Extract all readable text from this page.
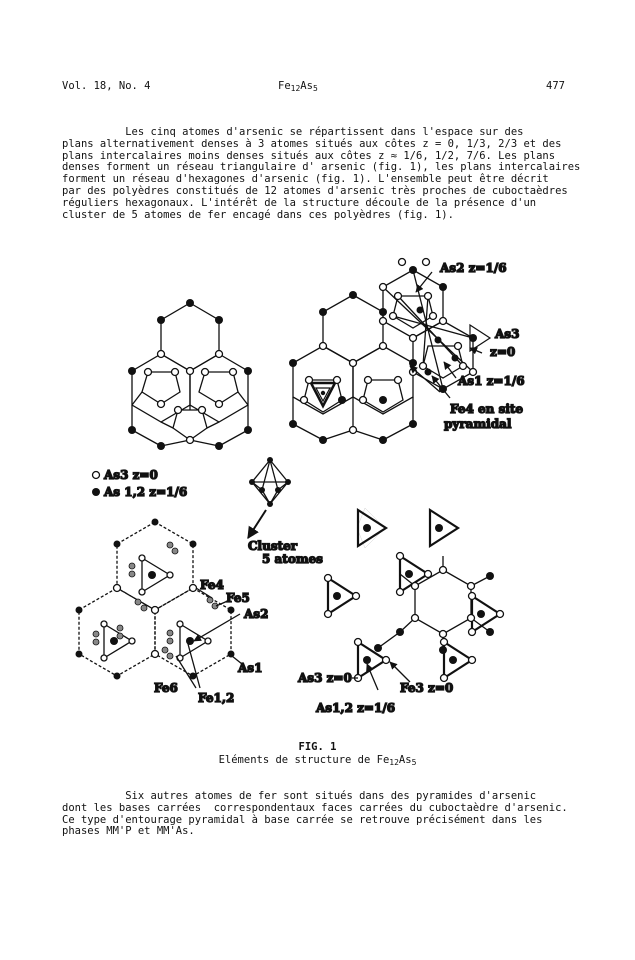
Vol. 18, No. 4	$Fe_{12}As_5$	477
Les cinq atomes d'arsenic se répartissent dans l'espace sur des
plans alternativement denses à 3 atomes situés aux côtes z = 0, 1/3, 2/3 et des
plans intercalaires moins denses situés aux côtes z ≈ 1/6, 1/2, 7/6. Les plans
denses forment un réseau triangulaire d' arsenic (fig. 1), les plans intercalaires
forment un réseau d'hexagones d'arsenic (fig. 1). L'ensemble peut être décrit
par des polyèdres constitués de 12 atomes d'arsenic très proches de cuboctaèdres
réguliers hexagonaux. L'intérêt de la structure découle de la présence d'un
cluster de 5 atomes de fer encagé dans ces polyèdres (fig. 1).
As2 z=1/6
As3
z=0
As1 z=1/6
Fe4 en site
pyramidal
As3 z=0
As 1,2 z=1/6
Cluster
5 atomes
Fe4
Fe5
As2
As1
Fe6
Fe1,2
As3 z=0
Fe3 z=0
As1,2 z=1/6
FIG. 1
Eléments de structure de $Fe_{12}As_5$
Six autres atomes de fer sont situés dans des pyramides d'arsenic
dont les bases carrées  correspondentaux faces carrées du cuboctaèdre d'arsenic.
Ce type d'entourage pyramidal à base carrée se retrouve précisément dans les
phases MM'P et MM'As.
